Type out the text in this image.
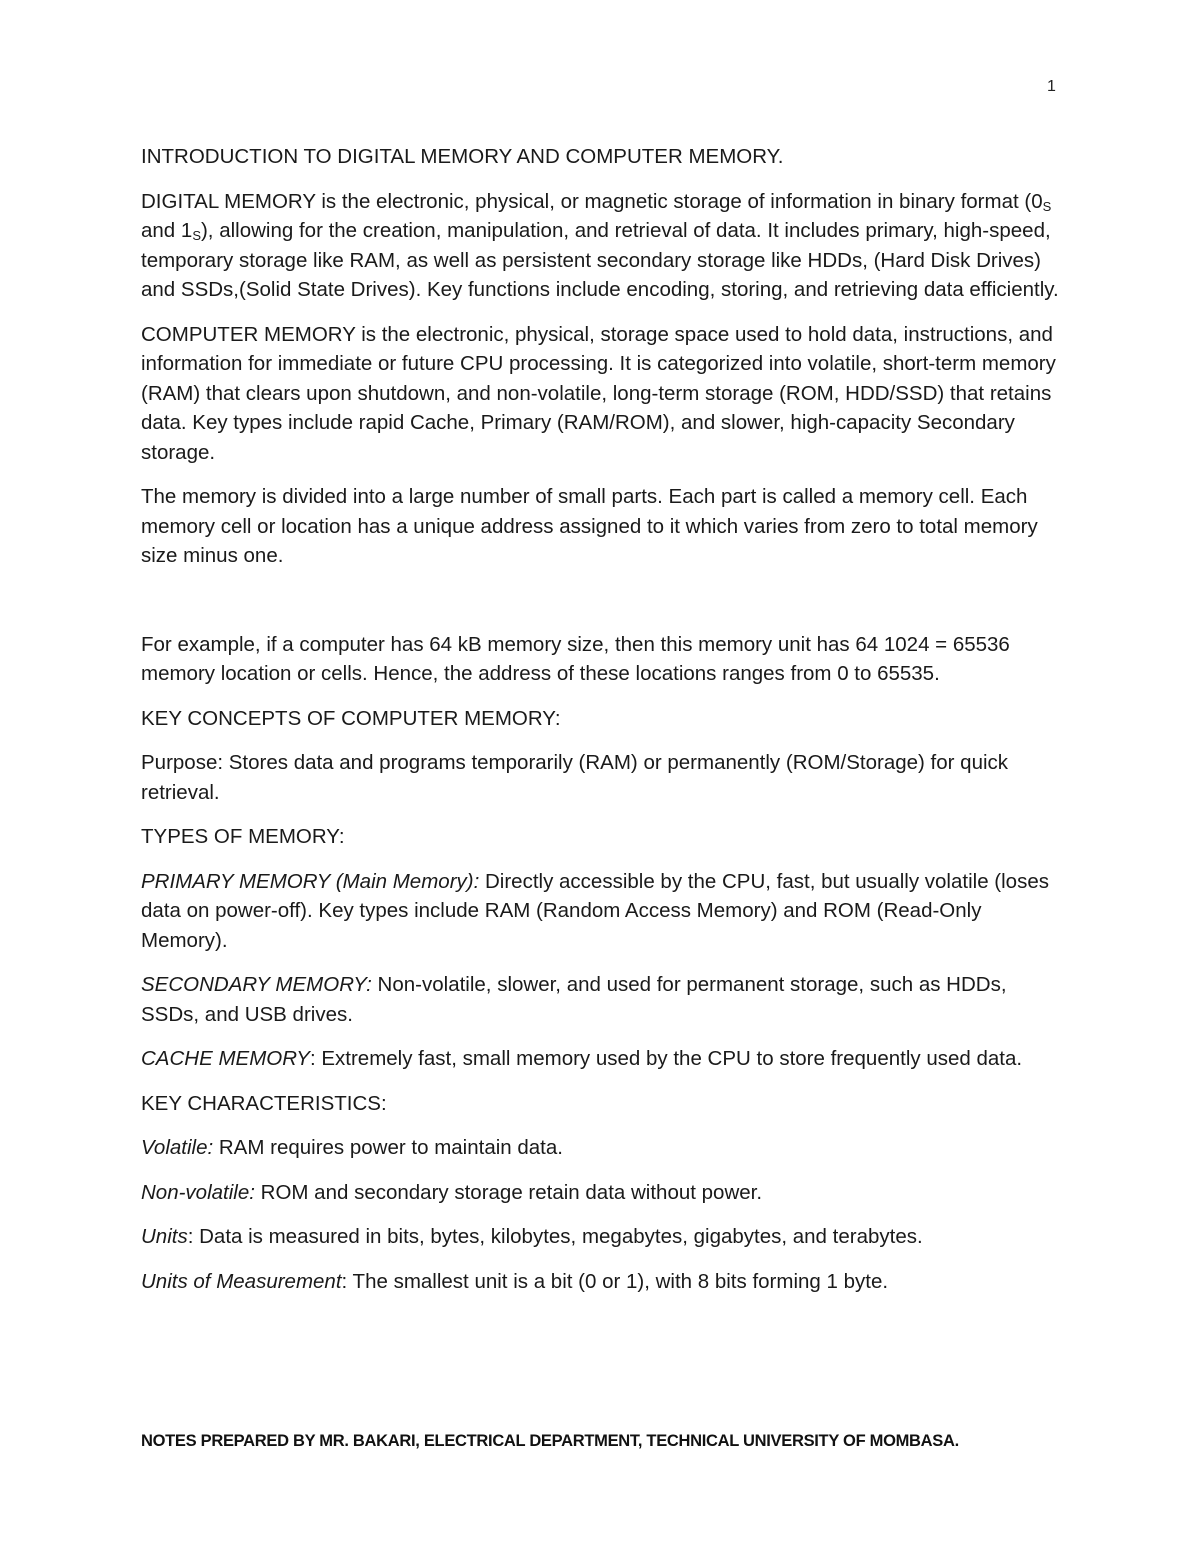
1

INTRODUCTION TO DIGITAL MEMORY AND COMPUTER MEMORY.

DIGITAL MEMORY is the electronic, physical, or magnetic storage of information in binary format ($0_S$ and $1_S$), allowing for the creation, manipulation, and retrieval of data. It includes primary, high-speed, temporary storage like RAM, as well as persistent secondary storage like HDDs, (Hard Disk Drives) and SSDs,(Solid State Drives). Key functions include encoding, storing, and retrieving data efficiently.

COMPUTER MEMORY is the electronic, physical, storage space used to hold data, instructions, and information for immediate or future CPU processing. It is categorized into volatile, short-term memory (RAM) that clears upon shutdown, and non-volatile, long-term storage (ROM, HDD/SSD) that retains data. Key types include rapid Cache, Primary (RAM/ROM), and slower, high-capacity Secondary storage.

The memory is divided into a large number of small parts. Each part is called a memory cell. Each memory cell or location has a unique address assigned to it which varies from zero to total memory size minus one.

For example, if a computer has 64 kB memory size, then this memory unit has 64 1024 = 65536 memory location or cells. Hence, the address of these locations ranges from 0 to 65535.

KEY CONCEPTS OF COMPUTER MEMORY:

Purpose: Stores data and programs temporarily (RAM) or permanently (ROM/Storage) for quick retrieval.

TYPES OF MEMORY:

PRIMARY MEMORY (Main Memory): Directly accessible by the CPU, fast, but usually volatile (loses data on power-off). Key types include RAM (Random Access Memory) and ROM (Read-Only Memory).

SECONDARY MEMORY: Non-volatile, slower, and used for permanent storage, such as HDDs, SSDs, and USB drives.

CACHE MEMORY: Extremely fast, small memory used by the CPU to store frequently used data.

KEY CHARACTERISTICS:

Volatile: RAM requires power to maintain data.

Non-volatile: ROM and secondary storage retain data without power.

Units: Data is measured in bits, bytes, kilobytes, megabytes, gigabytes, and terabytes.

Units of Measurement: The smallest unit is a bit (0 or 1), with 8 bits forming 1 byte.

NOTES PREPARED BY MR. BAKARI, ELECTRICAL DEPARTMENT, TECHNICAL UNIVERSITY OF MOMBASA.
